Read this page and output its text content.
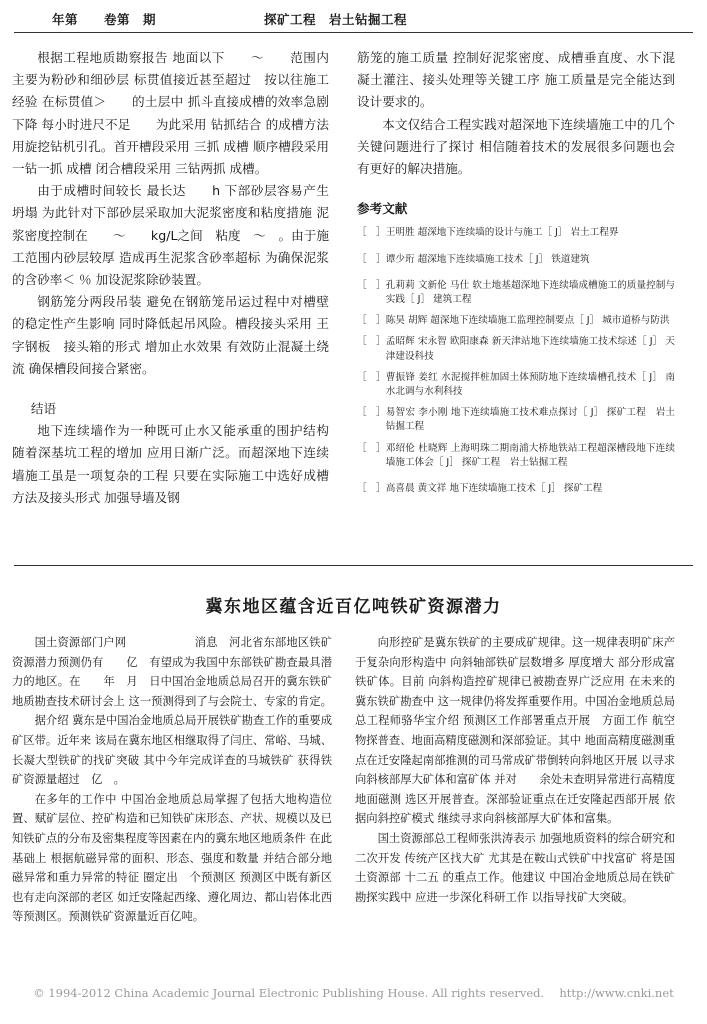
年第　　卷第　期	探矿工程　岩土钻掘工程

根据工程地质勘察报告 地面以下　　～　　范围内主要为粉砂和细砂层 标贯值接近甚至超过　按以往施工经验 在标贯值＞　　的土层中 抓斗直接成槽的效率急剧下降 每小时进尺不足　　为此采用 钻抓结合 的成槽方法 用旋挖钻机引孔。首开槽段采用 三抓 成槽 顺序槽段采用 一钻一抓 成槽 闭合槽段采用 三钻两抓 成槽。

由于成槽时间较长 最长达　　h 下部砂层容易产生坍塌 为此针对下部砂层采取加大泥浆密度和粘度措施 泥浆密度控制在　　～　　kg/L之间　粘度　～　。由于施工范围内砂层较厚 造成再生泥浆含砂率超标 为确保泥浆的含砂率＜ ％ 加设泥浆除砂装置。

钢筋笼分两段吊装 避免在钢筋笼吊运过程中对槽壁的稳定性产生影响 同时降低起吊风险。槽段接头采用 王 字钢板　接头箱的形式 增加止水效果 有效防止混凝土绕流 确保槽段间接合紧密。

结语

地下连续墙作为一种既可止水又能承重的围护结构 随着深基坑工程的增加 应用日渐广泛。而超深地下连续墙施工虽是一项复杂的工程 只要在实际施工中选好成槽方法及接头形式 加强导墙及钢

筋笼的施工质量 控制好泥浆密度、成槽垂直度、水下混凝土灌注、接头处理等关键工序 施工质量是完全能达到设计要求的。

本文仅结合工程实践对超深地下连续墙施工中的几个关键问题进行了探讨 相信随着技术的发展很多问题也会有更好的解决措施。

参考文献
［　］ 王明胜 超深地下连续墙的设计与施工［ J］ 岩土工程界
［　］ 谭少珩 超深地下连续墙施工技术［ J］ 铁道建筑
［　］ 孔莉莉 文新伦 马仕 软土地基超深地下连续墙成槽施工的质量控制与实践［ J］ 建筑工程
［　］ 陈昊 胡辉 超深地下连续墙施工监理控制要点［ J］ 城市道桥与防洪
［　］ 孟昭辉 宋永智 欧阳康森 新天津站地下连续墙施工技术综述［ J］ 天津建设科技
［　］ 曹振锋 姜红 水泥搅拌桩加固土体预防地下连续墙槽孔技术［ J］ 南水北调与水利科技
［　］ 易智宏 李小刚 地下连续墙施工技术难点探讨［ J］ 探矿工程　岩土钻掘工程
［　］ 邓绍伦 杜晓辉 上海明珠二期南浦大桥地铁站工程超深槽段地下连续墙施工体会［ J］ 探矿工程　岩土钻掘工程
［　］ 高喜晨 黄文祥 地下连续墙施工技术［ J］ 探矿工程
冀东地区蕴含近百亿吨铁矿资源潜力

国土资源部门户网　　　　　　消息　河北省东部地区铁矿资源潜力预测仍有　　亿　有望成为我国中东部铁矿勘查最具潜力的地区。在　　年　月　日中国冶金地质总局召开的冀东铁矿地质勘查技术研讨会上 这一预测得到了与会院士、专家的肯定。

据介绍 冀东是中国冶金地质总局开展铁矿勘查工作的重要成矿区带。近年来 该局在冀东地区相继取得了闫庄、常峪、马城、长凝大型铁矿的找矿突破 其中今年完成详查的马城铁矿 获得铁矿资源量超过　亿　。

在多年的工作中 中国冶金地质总局掌握了包括大地构造位置、赋矿层位、控矿构造和已知铁矿床形态、产状、规模以及已知铁矿点的分布及密集程度等因素在内的冀东地区地质条件 在此基础上 根据航磁异常的面积、形态、强度和数量 并结合部分地磁异常和重力异常的特征 圈定出　个预测区 预测区中既有新区 也有走向深部的老区 如迁安隆起西缘、遵化周边、都山岩体北西等预测区。预测铁矿资源量近百亿吨。

向形控矿是冀东铁矿的主要成矿规律。这一规律表明矿床产于复杂向形构造中 向斜轴部铁矿层数增多 厚度增大 部分形成富铁矿体。目前 向斜构造控矿规律已被勘查界广泛应用 在未来的冀东铁矿勘查中 这一规律仍将发挥重要作用。中国冶金地质总局总工程师骆华宝介绍 预测区工作部署重点开展　方面工作 航空物探普查、地面高精度磁测和深部验证。其中 地面高精度磁测重点在迁安隆起南部推测的司马常成矿带倒转向斜地区开展 以寻求向斜核部厚大矿体和富矿体 并对　　余处未查明异常进行高精度地面磁测 选区开展普查。深部验证重点在迁安隆起西部开展 依据向斜控矿模式 继续寻求向斜核部厚大矿体和富集。

国土资源部总工程师张洪涛表示 加强地质资料的综合研究和二次开发 传统产区找大矿 尤其是在鞍山式铁矿中找富矿 将是国土资源部 十二五 的重点工作。他建议 中国冶金地质总局在铁矿勘探实践中 应进一步深化科研工作 以指导找矿大突破。

© 1994-2012 China Academic Journal Electronic Publishing House. All rights reserved.　 http://www.cnki.net
